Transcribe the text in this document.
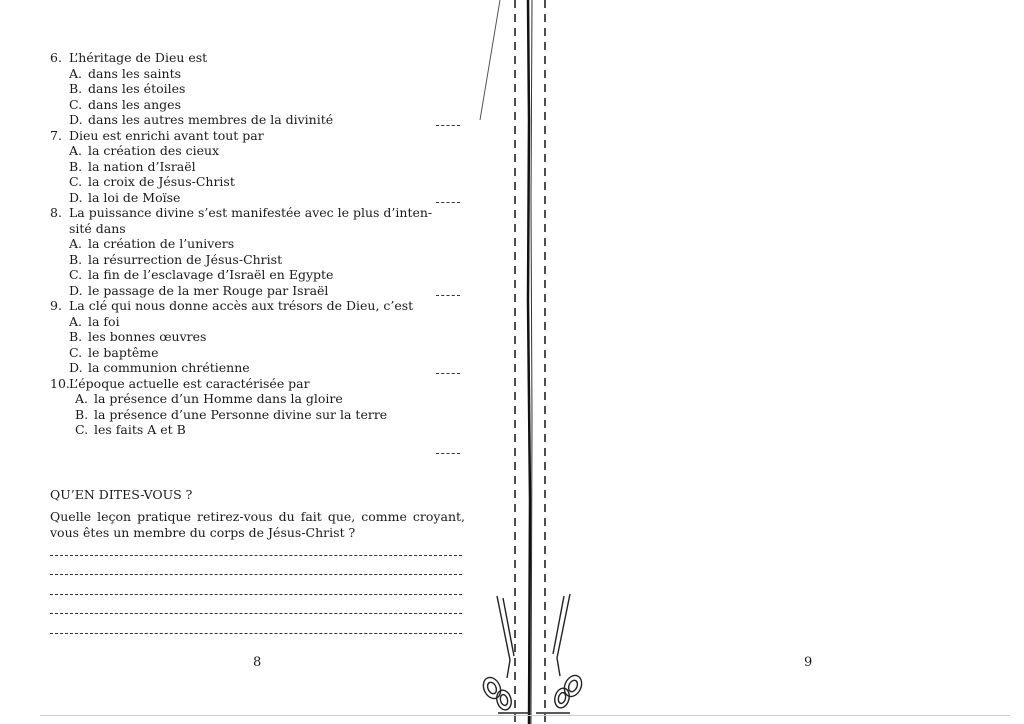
6. L’héritage de Dieu est
A. dans les saints
B. dans les étoiles
C. dans les anges
D. dans les autres membres de la divinité
7. Dieu est enrichi avant tout par
A. la création des cieux
B. la nation d’Israël
C. la croix de Jésus-Christ
D. la loi de Moïse
8. La puissance divine s’est manifestée avec le plus d’inten-
sité dans
A. la création de l’univers
B. la résurrection de Jésus-Christ
C. la fin de l’esclavage d’Israël en Egypte
D. le passage de la mer Rouge par Israël
9. La clé qui nous donne accès aux trésors de Dieu, c’est
A. la foi
B. les bonnes œuvres
C. le baptême
D. la communion chrétienne
10. L’époque actuelle est caractérisée par
A. la présence d’un Homme dans la gloire
B. la présence d’une Personne divine sur la terre
C. les faits A et B
QU’EN DITES-VOUS ?
Quelle leçon pratique retirez-vous du fait que, comme croyant, vous êtes un membre du corps de Jésus-Christ ?
8	9
